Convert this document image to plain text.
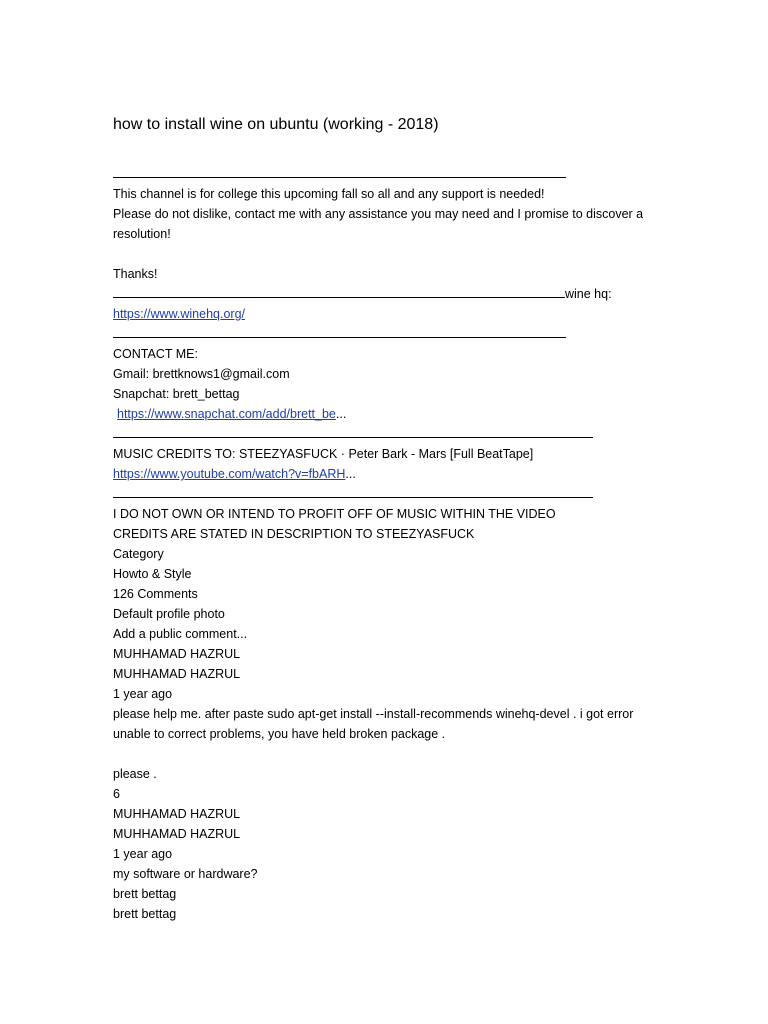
how to install wine on ubuntu (working - 2018)
This channel is for college this upcoming fall so all and any support is needed!
Please do not dislike, contact me with any assistance you may need and I promise to discover a resolution!
Thanks!
wine hq:
https://www.winehq.org/
CONTACT ME:
Gmail: brettknows1@gmail.com
Snapchat: brett_bettag
https://www.snapchat.com/add/brett_be...
MUSIC CREDITS TO: STEEZYASFUCK · Peter Bark - Mars [Full BeatTape]
https://www.youtube.com/watch?v=fbARH...
I DO NOT OWN OR INTEND TO PROFIT OFF OF MUSIC WITHIN THE VIDEO
CREDITS ARE STATED IN DESCRIPTION TO STEEZYASFUCK
Category
Howto & Style
126 Comments
Default profile photo
Add a public comment...
MUHHAMAD HAZRUL
MUHHAMAD HAZRUL
1 year ago
please help me. after paste sudo apt-get install --install-recommends winehq-devel . i got error unable to correct problems, you have held broken package .
please .
6
MUHHAMAD HAZRUL
MUHHAMAD HAZRUL
1 year ago
my software or hardware?
brett bettag
brett bettag
